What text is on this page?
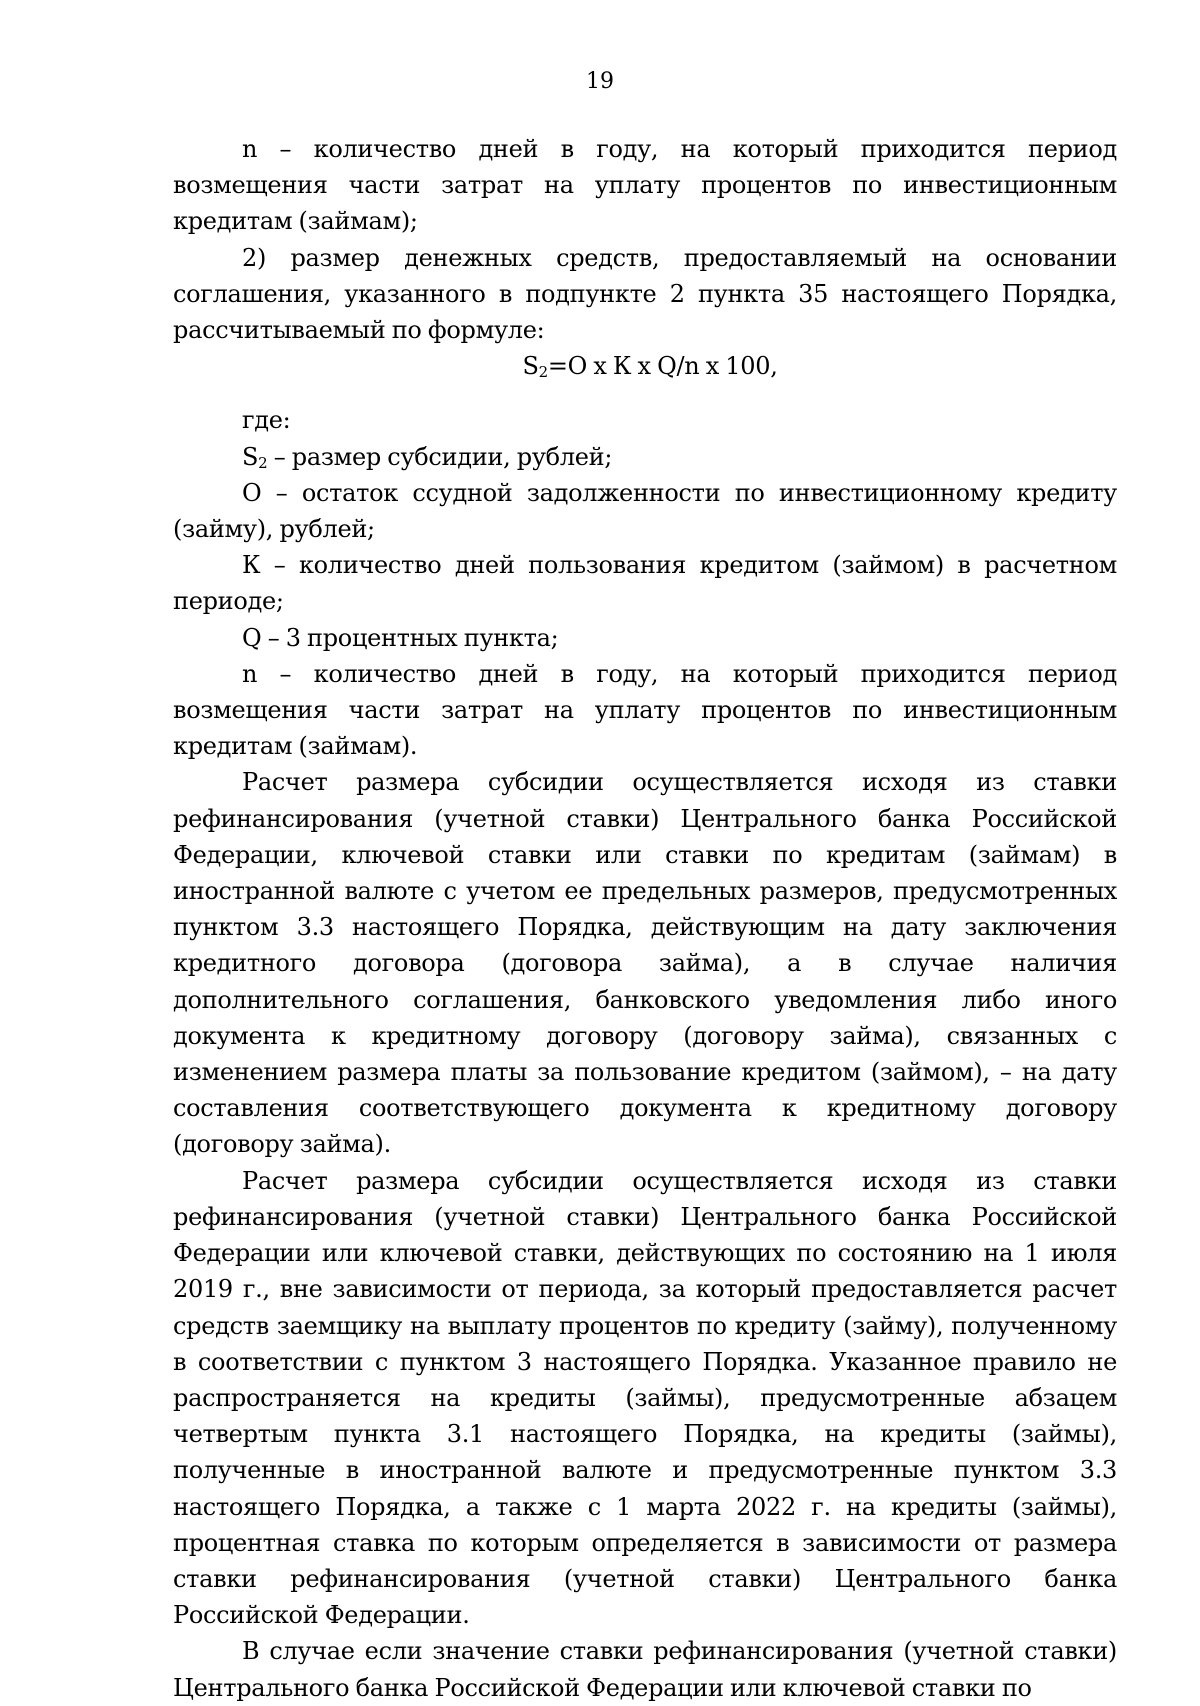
19

n – количество дней в году, на который приходится период возмещения части затрат на уплату процентов по инвестиционным кредитам (займам);

2) размер денежных средств, предоставляемый на основании соглашения, указанного в подпункте 2 пункта 35 настоящего Порядка, рассчитываемый по формуле:

$S_2=О$ х К х Q/n х 100,

где:

$S_2$ – размер субсидии, рублей;

О – остаток ссудной задолженности по инвестиционному кредиту (займу), рублей;

К – количество дней пользования кредитом (займом) в расчетном периоде;

Q – 3 процентных пункта;

n – количество дней в году, на который приходится период возмещения части затрат на уплату процентов по инвестиционным кредитам (займам).

Расчет размера субсидии осуществляется исходя из ставки рефинансирования (учетной ставки) Центрального банка Российской Федерации, ключевой ставки или ставки по кредитам (займам) в иностранной валюте с учетом ее предельных размеров, предусмотренных пунктом 3.3 настоящего Порядка, действующим на дату заключения кредитного договора (договора займа), а в случае наличия дополнительного соглашения, банковского уведомления либо иного документа к кредитному договору (договору займа), связанных с изменением размера платы за пользование кредитом (займом), – на дату составления соответствующего документа к кредитному договору (договору займа).

Расчет размера субсидии осуществляется исходя из ставки рефинансирования (учетной ставки) Центрального банка Российской Федерации или ключевой ставки, действующих по состоянию на 1 июля 2019 г., вне зависимости от периода, за который предоставляется расчет средств заемщику на выплату процентов по кредиту (займу), полученному в соответствии с пунктом 3 настоящего Порядка. Указанное правило не распространяется на кредиты (займы), предусмотренные абзацем четвертым пункта 3.1 настоящего Порядка, на кредиты (займы), полученные в иностранной валюте и предусмотренные пунктом 3.3 настоящего Порядка, а также с 1 марта 2022 г. на кредиты (займы), процентная ставка по которым определяется в зависимости от размера ставки рефинансирования (учетной ставки) Центрального банка Российской Федерации.

В случае если значение ставки рефинансирования (учетной ставки) Центрального банка Российской Федерации или ключевой ставки по
